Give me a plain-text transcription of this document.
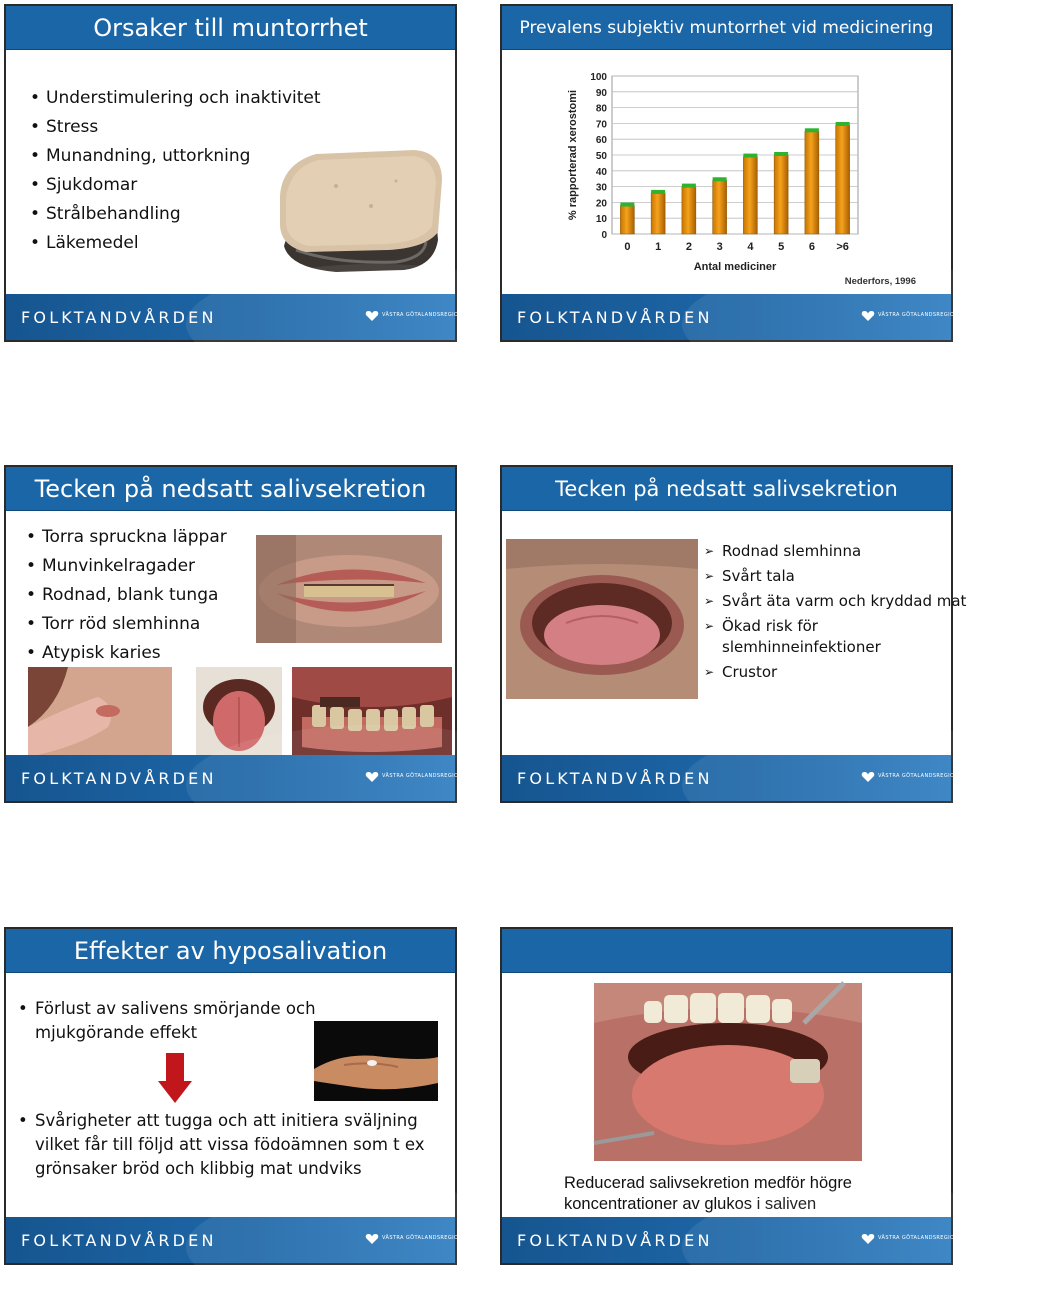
Orsaker till muntorrhet
• Understimulering och inaktivitet
• Stress
• Munandning, uttorkning
• Sjukdomar
• Strålbehandling
• Läkemedel
FOLKTANDVÅRDEN	VÄSTRA GÖTALANDSREGIONEN
Prevalens subjektiv muntorrhet vid medicinering
0
10
20
30
40
50
60
70
80
90
100
0 1 2 3 4 5 6 >6
Antal mediciner
% rapporterad xerostomi
Nederfors, 1996
FOLKTANDVÅRDEN	VÄSTRA GÖTALANDSREGIONEN
Tecken på nedsatt salivsekretion
• Torra spruckna läppar
• Munvinkelragader
• Rodnad, blank tunga
• Torr röd slemhinna
• Atypisk karies
FOLKTANDVÅRDEN	VÄSTRA GÖTALANDSREGIONEN
Tecken på nedsatt salivsekretion
➢ Rodnad slemhinna
➢ Svårt tala
➢ Svårt äta varm och kryddad mat
➢ Ökad risk för slemhinneinfektioner
➢ Crustor
FOLKTANDVÅRDEN	VÄSTRA GÖTALANDSREGIONEN
Effekter av hyposalivation
• Förlust av salivens smörjande och mjukgörande effekt
• Svårigheter att tugga och att initiera sväljning vilket får till följd att vissa födoämnen som t ex grönsaker bröd och klibbig mat undviks
FOLKTANDVÅRDEN	VÄSTRA GÖTALANDSREGIONEN
Reducerad salivsekretion medför högre koncentrationer av glukos i saliven
FOLKTANDVÅRDEN	VÄSTRA GÖTALANDSREGIONEN
